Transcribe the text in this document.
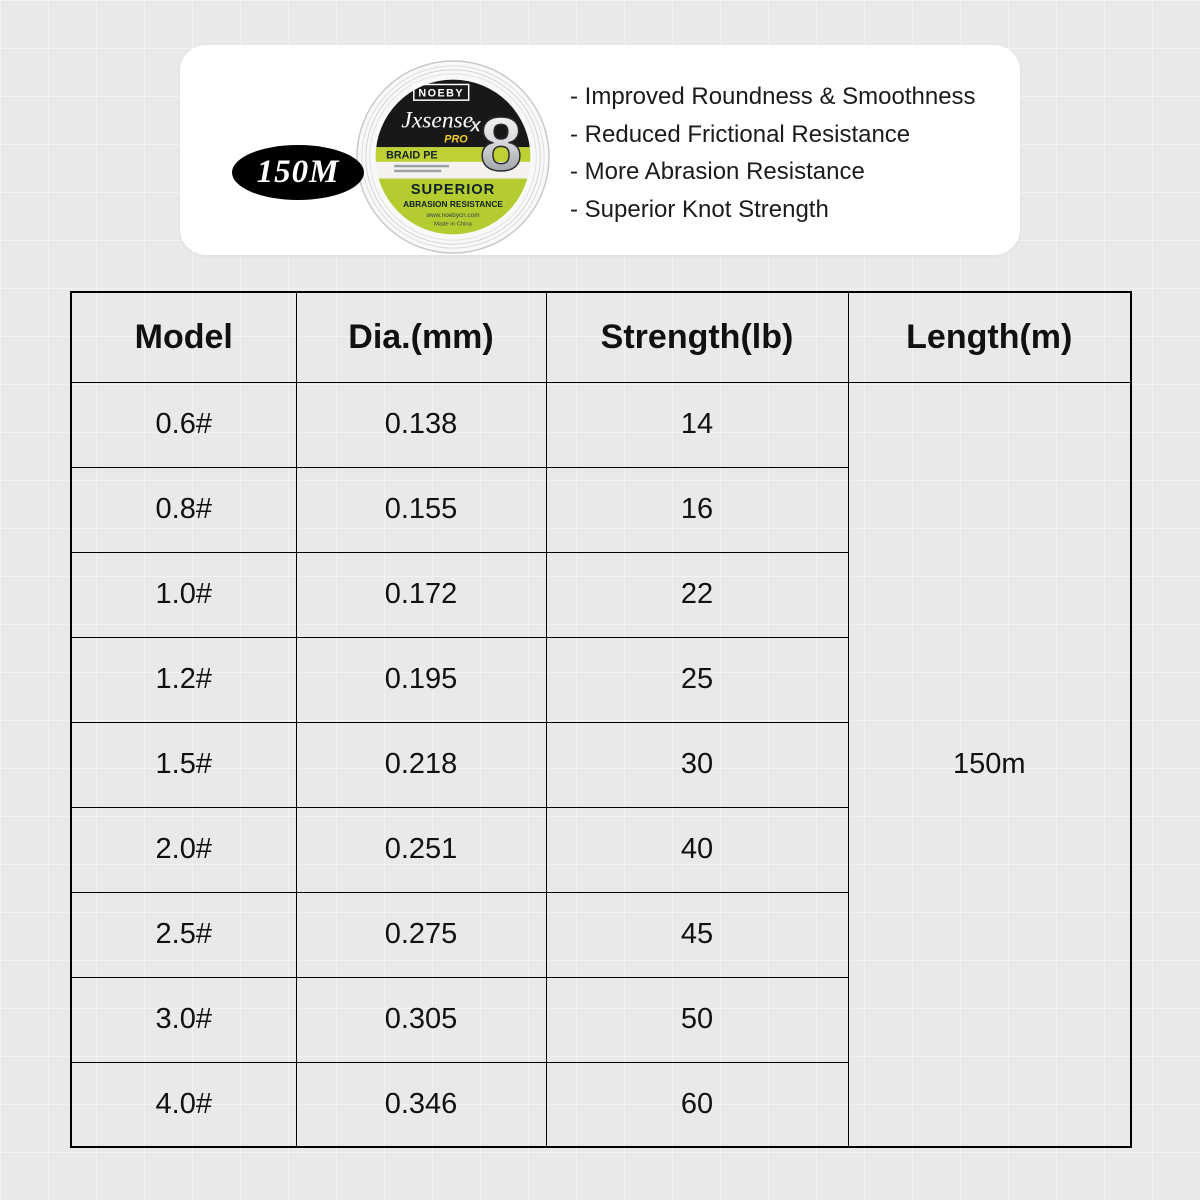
NOEBY
Jxsense
PRO
x
8
BRAID PE
SUPERIOR
ABRASION RESISTANCE
www.noebycn.com
Made in China
150M
- Improved Roundness & Smoothness
- Reduced Frictional Resistance
- More Abrasion Resistance
- Superior Knot Strength
Model	Dia.(mm)	Strength(lb)	Length(m)
0.6#	0.138	14	150m
0.8#	0.155	16	
1.0#	0.172	22	
1.2#	0.195	25	
1.5#	0.218	30	
2.0#	0.251	40	
2.5#	0.275	45	
3.0#	0.305	50	
4.0#	0.346	60	
